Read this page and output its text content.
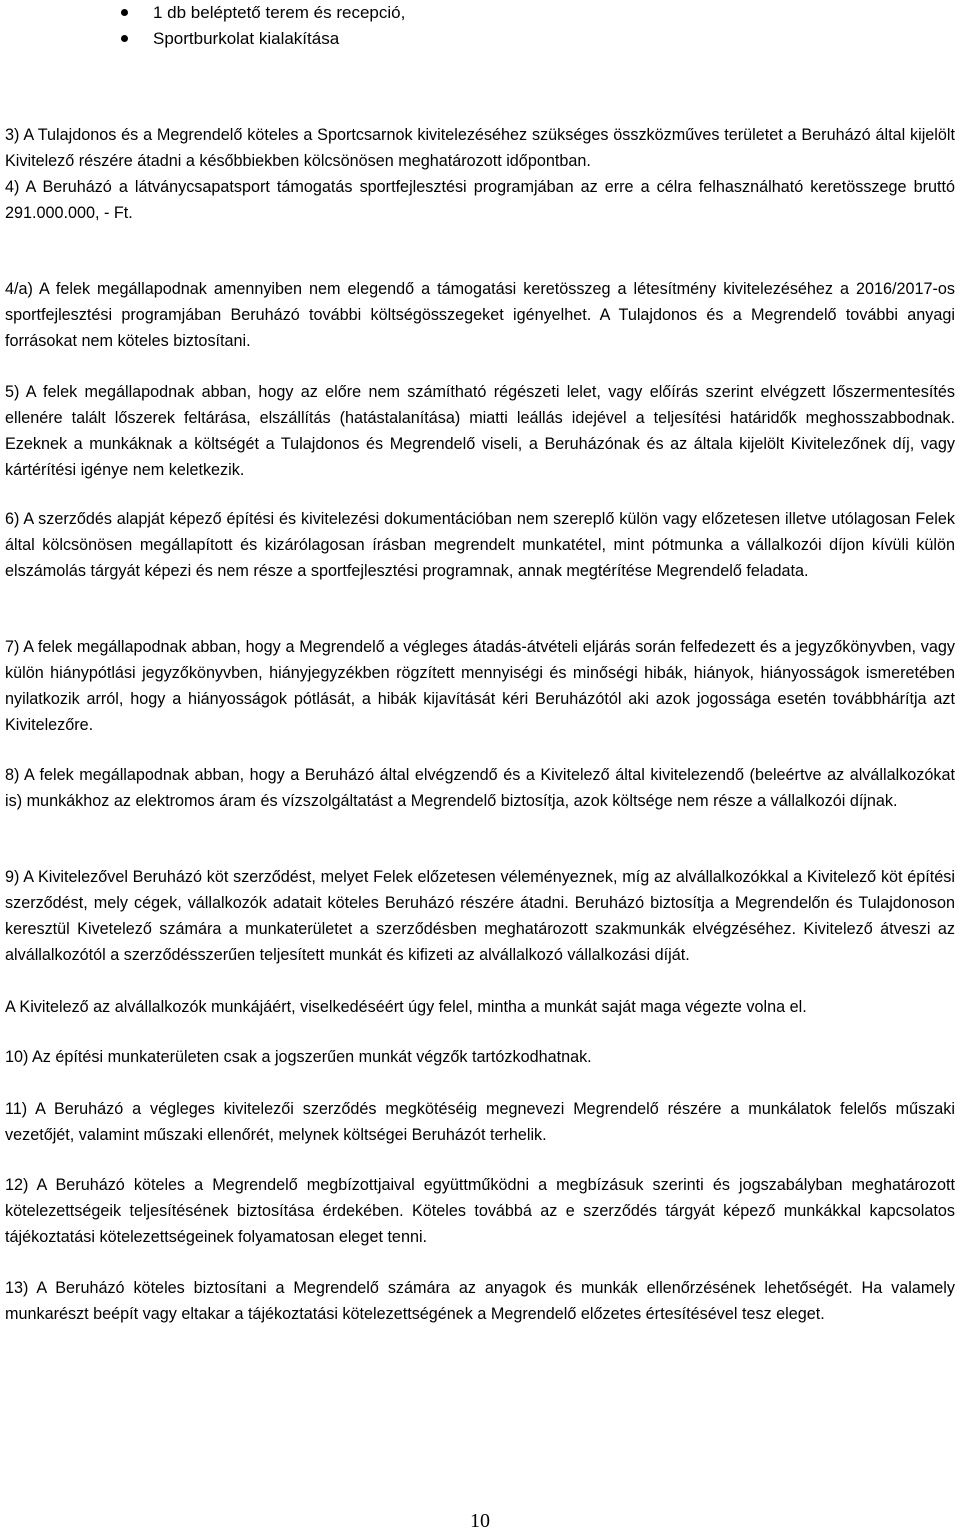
1 db beléptető terem és recepció,
Sportburkolat kialakítása

3) A Tulajdonos és a Megrendelő köteles a Sportcsarnok kivitelezéséhez szükséges összközműves területet a Beruházó által kijelölt Kivitelező részére átadni a későbbiekben kölcsönösen meghatározott időpontban.

4) A Beruházó a látványcsapatsport támogatás sportfejlesztési programjában az erre a célra felhasználható keretösszege bruttó 291.000.000, - Ft.

4/a) A felek megállapodnak amennyiben nem elegendő a támogatási keretösszeg a létesítmény kivitelezéséhez a 2016/2017-os sportfejlesztési programjában Beruházó további költségösszegeket igényelhet. A Tulajdonos és a Megrendelő további anyagi forrásokat nem köteles biztosítani.

5) A felek megállapodnak abban, hogy az előre nem számítható régészeti lelet, vagy előírás szerint elvégzett lőszermentesítés ellenére talált lőszerek feltárása, elszállítás (hatástalanítása) miatti leállás idejével a teljesítési határidők meghosszabbodnak. Ezeknek a munkáknak a költségét a Tulajdonos és Megrendelő viseli, a Beruházónak és az általa kijelölt Kivitelezőnek díj, vagy kártérítési igénye nem keletkezik.

6) A szerződés alapját képező építési és kivitelezési dokumentációban nem szereplő külön vagy előzetesen illetve utólagosan Felek által kölcsönösen megállapított és kizárólagosan írásban megrendelt munkatétel, mint pótmunka a vállalkozói díjon kívüli külön elszámolás tárgyát képezi és nem része a sportfejlesztési programnak, annak megtérítése Megrendelő feladata.

7) A felek megállapodnak abban, hogy a Megrendelő a végleges átadás-átvételi eljárás során felfedezett és a jegyzőkönyvben, vagy külön hiánypótlási jegyzőkönyvben, hiányjegyzékben rögzített mennyiségi és minőségi hibák, hiányok, hiányosságok ismeretében nyilatkozik arról, hogy a hiányosságok pótlását, a hibák kijavítását kéri Beruházótól aki azok jogossága esetén továbbhárítja azt Kivitelezőre.

8) A felek megállapodnak abban, hogy a Beruházó által elvégzendő és a Kivitelező által kivitelezendő (beleértve az alvállalkozókat is) munkákhoz az elektromos áram és vízszolgáltatást a Megrendelő biztosítja, azok költsége nem része a vállalkozói díjnak.

9) A Kivitelezővel Beruházó köt szerződést, melyet Felek előzetesen véleményeznek, míg az alvállalkozókkal a Kivitelező köt építési szerződést, mely cégek, vállalkozók adatait köteles Beruházó részére átadni. Beruházó biztosítja a Megrendelőn és Tulajdonoson keresztül Kivetelező számára a munkaterületet a szerződésben meghatározott szakmunkák elvégzéséhez. Kivitelező átveszi az alvállalkozótól a szerződésszerűen teljesített munkát és kifizeti az alvállalkozó vállalkozási díját.

A Kivitelező az alvállalkozók munkájáért, viselkedéséért úgy felel, mintha a munkát saját maga végezte volna el.

10) Az építési munkaterületen csak a jogszerűen munkát végzők tartózkodhatnak.

11) A Beruházó a végleges kivitelezői szerződés megkötéséig megnevezi Megrendelő részére a munkálatok felelős műszaki vezetőjét, valamint műszaki ellenőrét, melynek költségei Beruházót terhelik.

12) A Beruházó köteles a Megrendelő megbízottjaival együttműködni a megbízásuk szerinti és jogszabályban meghatározott kötelezettségeik teljesítésének biztosítása érdekében. Köteles továbbá az e szerződés tárgyát képező munkákkal kapcsolatos tájékoztatási kötelezettségeinek folyamatosan eleget tenni.

13) A Beruházó köteles biztosítani a Megrendelő számára az anyagok és munkák ellenőrzésének lehetőségét. Ha valamely munkarészt beépít vagy eltakar a tájékoztatási kötelezettségének a Megrendelő előzetes értesítésével tesz eleget.

10
